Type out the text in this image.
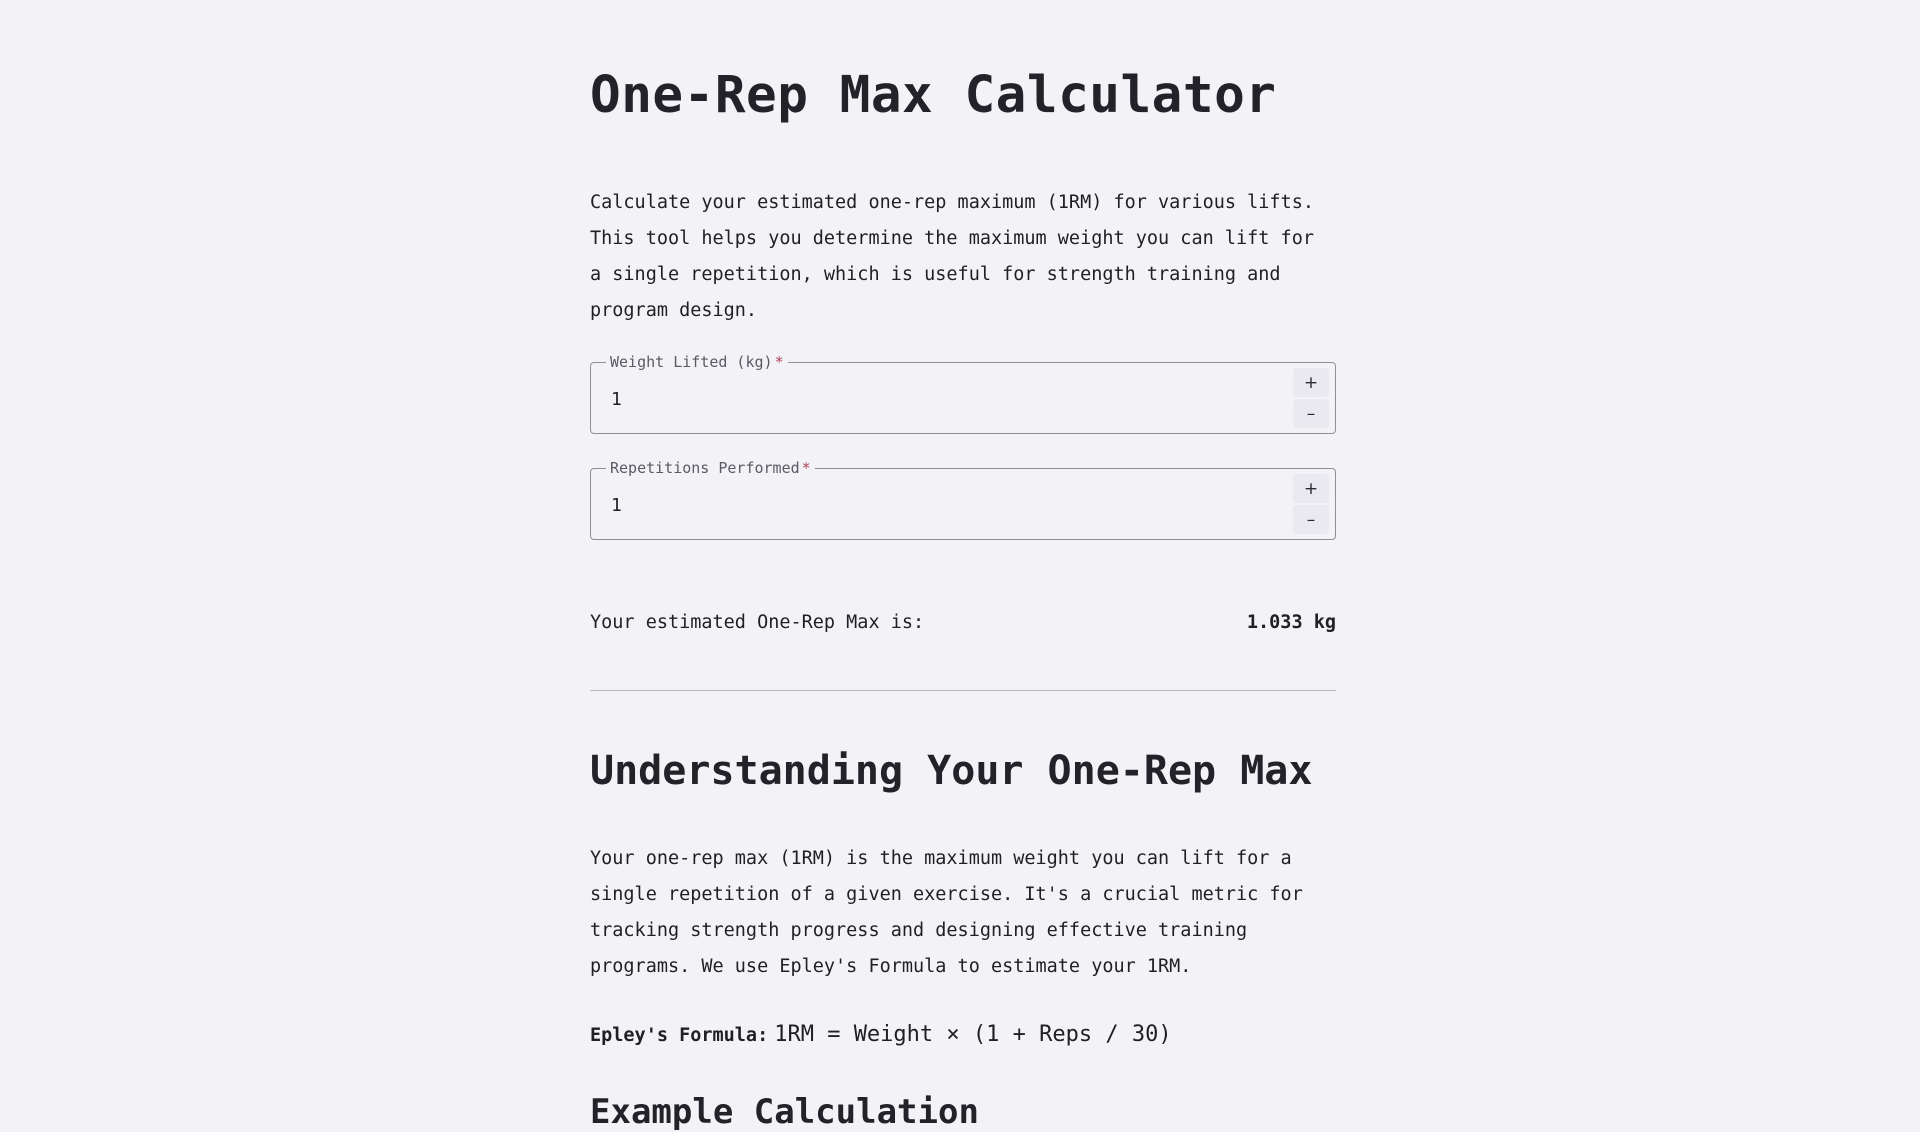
One-Rep Max Calculator

Calculate your estimated one-rep maximum (1RM) for various lifts. This tool helps you determine the maximum weight you can lift for a single repetition, which is useful for strength training and program design.

Weight Lifted (kg) *
1
+
–
Repetitions Performed *
1
+
–
Your estimated One-Rep Max is:	1.033 kg
Understanding Your One-Rep Max

Your one-rep max (1RM) is the maximum weight you can lift for a single repetition of a given exercise. It's a crucial metric for tracking strength progress and designing effective training programs. We use Epley's Formula to estimate your 1RM.

Epley's Formula: 1RM = Weight × (1 + Reps / 30)
Example Calculation
